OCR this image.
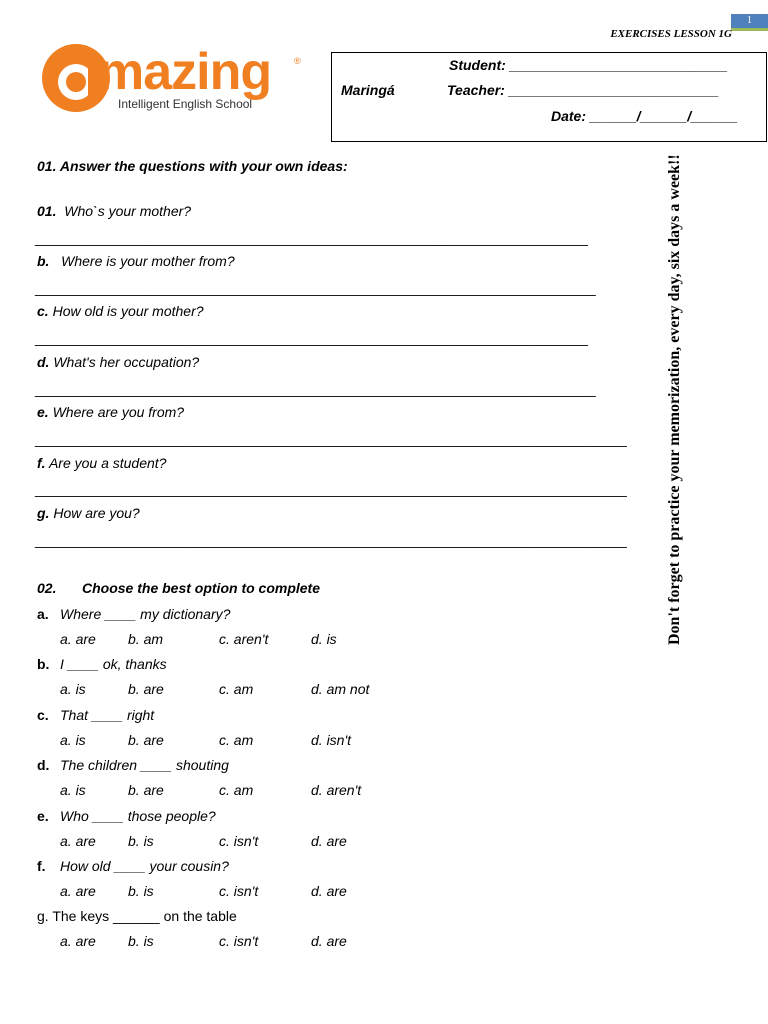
1
EXERCISES LESSON 1G
mazing	®
Intelligent English School
Student: ____________________________
Maringá	Teacher: ___________________________
Date: ______/______/______
Don't forget to practice your memorization, every day, six days a week!!
01. Answer the questions with your own ideas:
01. Who`s your mother?
_______________________________________________________________________
b. Where is your mother from?
________________________________________________________________________
c. How old is your mother?
_______________________________________________________________________
d. What's her occupation?
________________________________________________________________________
e. Where are you from?
____________________________________________________________________________
f. Are you a student?
____________________________________________________________________________
g. How are you?
____________________________________________________________________________
02. Choose the best option to complete
a. Where ____ my dictionary?
a. are b. am	c. aren't	d. is
b. I ____ ok, thanks
a. is	b. are	c. am	d. am not
c. That ____ right
a. is	b. are	c. am	d. isn't
d. The children ____ shouting
a. is	b. are	c. am	d. aren't
e. Who ____ those people?
a. are b. is	c. isn't	d. are
f. How old ____ your cousin?
a. are b. is	c. isn't	d. are
g. The keys ______ on the table
a. are b. is	c. isn't	d. are
